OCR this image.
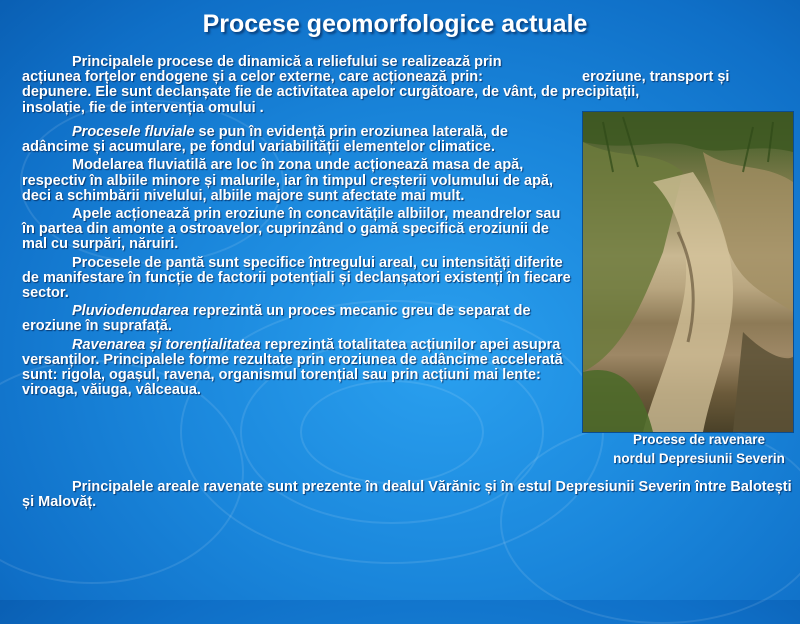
Procese geomorfologice actuale
Principalele procese de dinamică a reliefului se realizează prin
acțiunea forțelor endogene și a celor externe, care acționează prin:	eroziune, transport și
depunere. Ele sunt declanșate fie de activitatea apelor curgătoare, de vânt, de precipitații,
insolație, fie de intervenția omului .

Procesele fluviale se pun în evidență prin eroziunea laterală, de adâncime și acumulare, pe fondul variabilității elementelor climatice.

Modelarea fluviatilă are loc în zona unde acționează masa de apă, respectiv în albiile minore și malurile, iar în timpul creșterii volumului de apă, deci a schimbării nivelului, albiile majore sunt afectate mai mult.

Apele acționează prin eroziune în concavitățile albiilor, meandrelor sau în partea din amonte a ostroavelor, cuprinzând o gamă specifică eroziunii de mal cu surpări, năruiri.

Procesele de pantă sunt specifice întregului areal, cu intensități diferite de manifestare în funcție de factorii potențiali și declanșatori existenți în fiecare sector.

Pluviodenudarea reprezintă un proces mecanic greu de separat de eroziune în suprafață.

Ravenarea și torențialitatea reprezintă totalitatea acțiunilor apei asupra versanților. Principalele forme rezultate prin eroziunea de adâncime accelerată sunt: rigola, ogașul, ravena, organismul torențial sau prin acțiuni mai lente: viroaga, văiuga, vâlceaua.

Procese de ravenare
nordul Depresiunii Severin

Principalele areale ravenate sunt prezente în dealul Vărănic și în estul Depresiunii Severin între Balotești și Malovăț.
